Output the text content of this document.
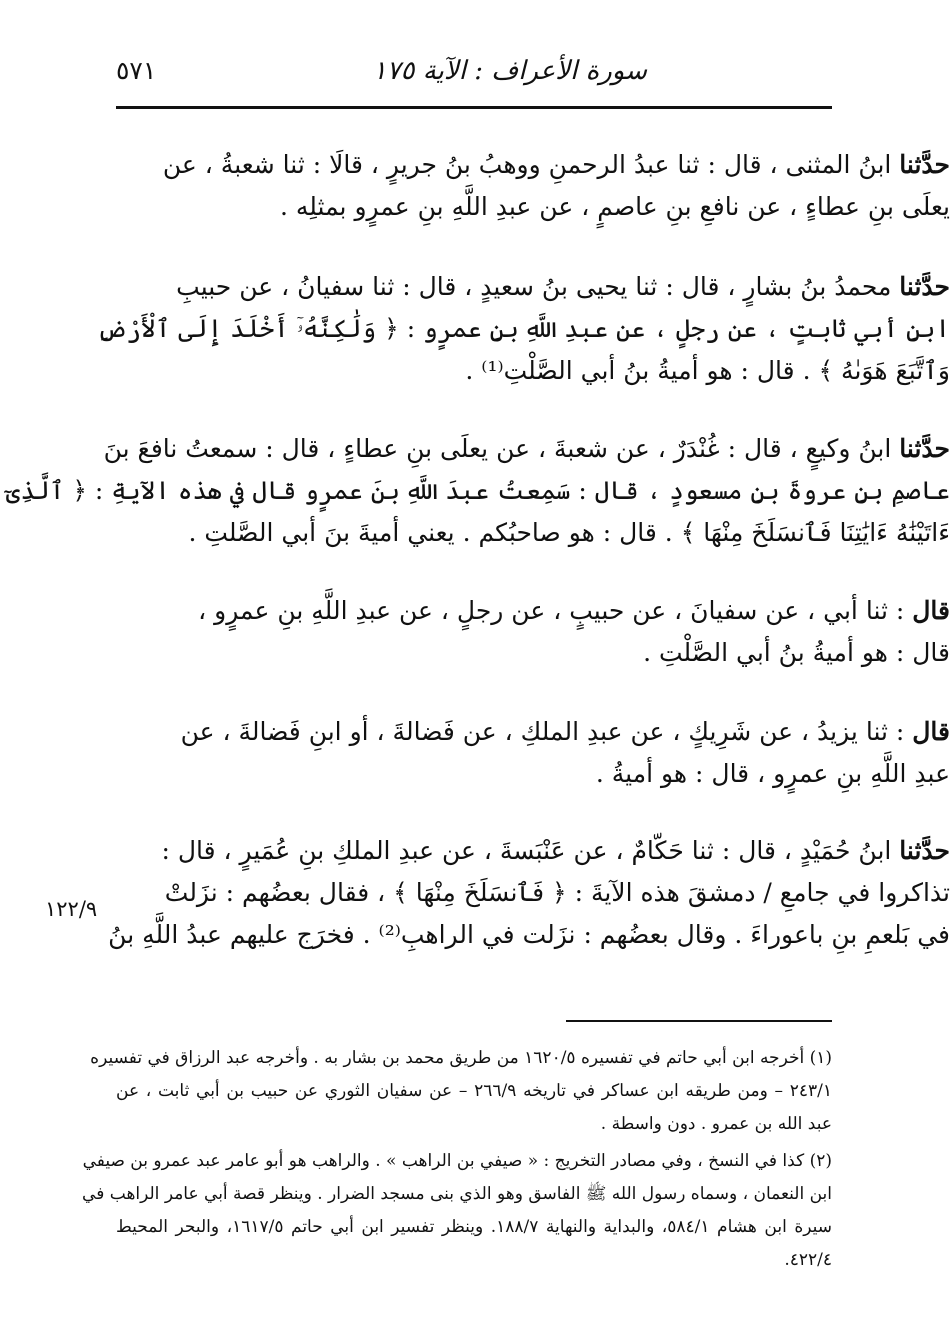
سورة الأعراف : الآية ١٧٥
٥٧١
حدَّثنا ابنُ المثنى ، قال : ثنا عبدُ الرحمنِ ووهبُ بنُ جريرٍ ، قالَا : ثنا شعبةُ ، عن
يعلَى بنِ عطاءٍ ، عن نافعِ بنِ عاصمٍ ، عن عبدِ اللَّهِ بنِ عمرٍو بمثلِه .
حدَّثنا محمدُ بنُ بشارٍ ، قال : ثنا يحيى بنُ سعيدٍ ، قال : ثنا سفيانُ ، عن حبيبِ
ابنِ أبي ثابتٍ ، عن رجلٍ ، عن عبدِ اللَّهِ بنِ عمرٍو : ﴿ وَلَٰكِنَّهُۥٓ أَخْلَدَ إِلَى ٱلْأَرْضِ
وَٱتَّبَعَ هَوَىٰهُ ﴾ . قال : هو أميةُ بنُ أبي الصَّلْتِ⁽¹⁾ .
حدَّثنا ابنُ وكيعٍ ، قال : غُنْدَرٌ ، عن شعبةَ ، عن يعلَى بنِ عطاءٍ ، قال : سمعتُ نافعَ بنَ
عاصمِ بنِ عروةَ بنِ مسعودٍ ، قال : سَمِعتُ عبدَ اللَّهِ بنَ عمرٍو قال في هذه الآيةِ : ﴿ ٱلَّذِىٓ
ءَاتَيْنَٰهُ ءَايَٰتِنَا فَٱنسَلَخَ مِنْهَا ﴾ . قال : هو صاحبُكم . يعني أميةَ بنَ أبي الصَّلتِ .
قال : ثنا أبي ، عن سفيانَ ، عن حبيبٍ ، عن رجلٍ ، عن عبدِ اللَّهِ بنِ عمرٍو ،
قال : هو أميةُ بنُ أبي الصَّلْتِ .
قال : ثنا يزيدُ ، عن شَرِيكٍ ، عن عبدِ الملكِ ، عن فَضالةَ ، أو ابنِ فَضالةَ ، عن
عبدِ اللَّهِ بنِ عمرٍو ، قال : هو أميةُ .
حدَّثنا ابنُ حُمَيْدٍ ، قال : ثنا حَكّامٌ ، عن عَنْبَسةَ ، عن عبدِ الملكِ بنِ عُمَيرٍ ، قال :
تذاكروا في جامعِ / دمشقَ هذه الآيةَ : ﴿ فَٱنسَلَخَ مِنْهَا ﴾ ، فقال بعضُهم : نزَلتْ
في بَلعمِ بنِ باعوراءَ . وقال بعضُهم : نزَلت في الراهبِ⁽²⁾ . فخرَج عليهم عبدُ اللَّهِ بنُ
١٢٢/٩
(١) أخرجه ابن أبي حاتم في تفسيره ١٦٢٠/٥ من طريق محمد بن بشار به . وأخرجه عبد الرزاق في تفسيره
٢٤٣/١ – ومن طريقه ابن عساكر في تاريخه ٢٦٦/٩ – عن سفيان الثوري عن حبيب بن أبي ثابت ، عن
عبد الله بن عمرو . دون واسطة .
(٢) كذا في النسخ ، وفي مصادر التخريج : « صيفي بن الراهب » . والراهب هو أبو عامر عبد عمرو بن صيفي
ابن النعمان ، وسماه رسول الله ﷺ الفاسق وهو الذي بنى مسجد الضرار . وينظر قصة أبي عامر الراهب في
سيرة ابن هشام ٥٨٤/١، والبداية والنهاية ١٨٨/٧. وينظر تفسير ابن أبي حاتم ١٦١٧/٥، والبحر المحيط
٤٢٢/٤.
